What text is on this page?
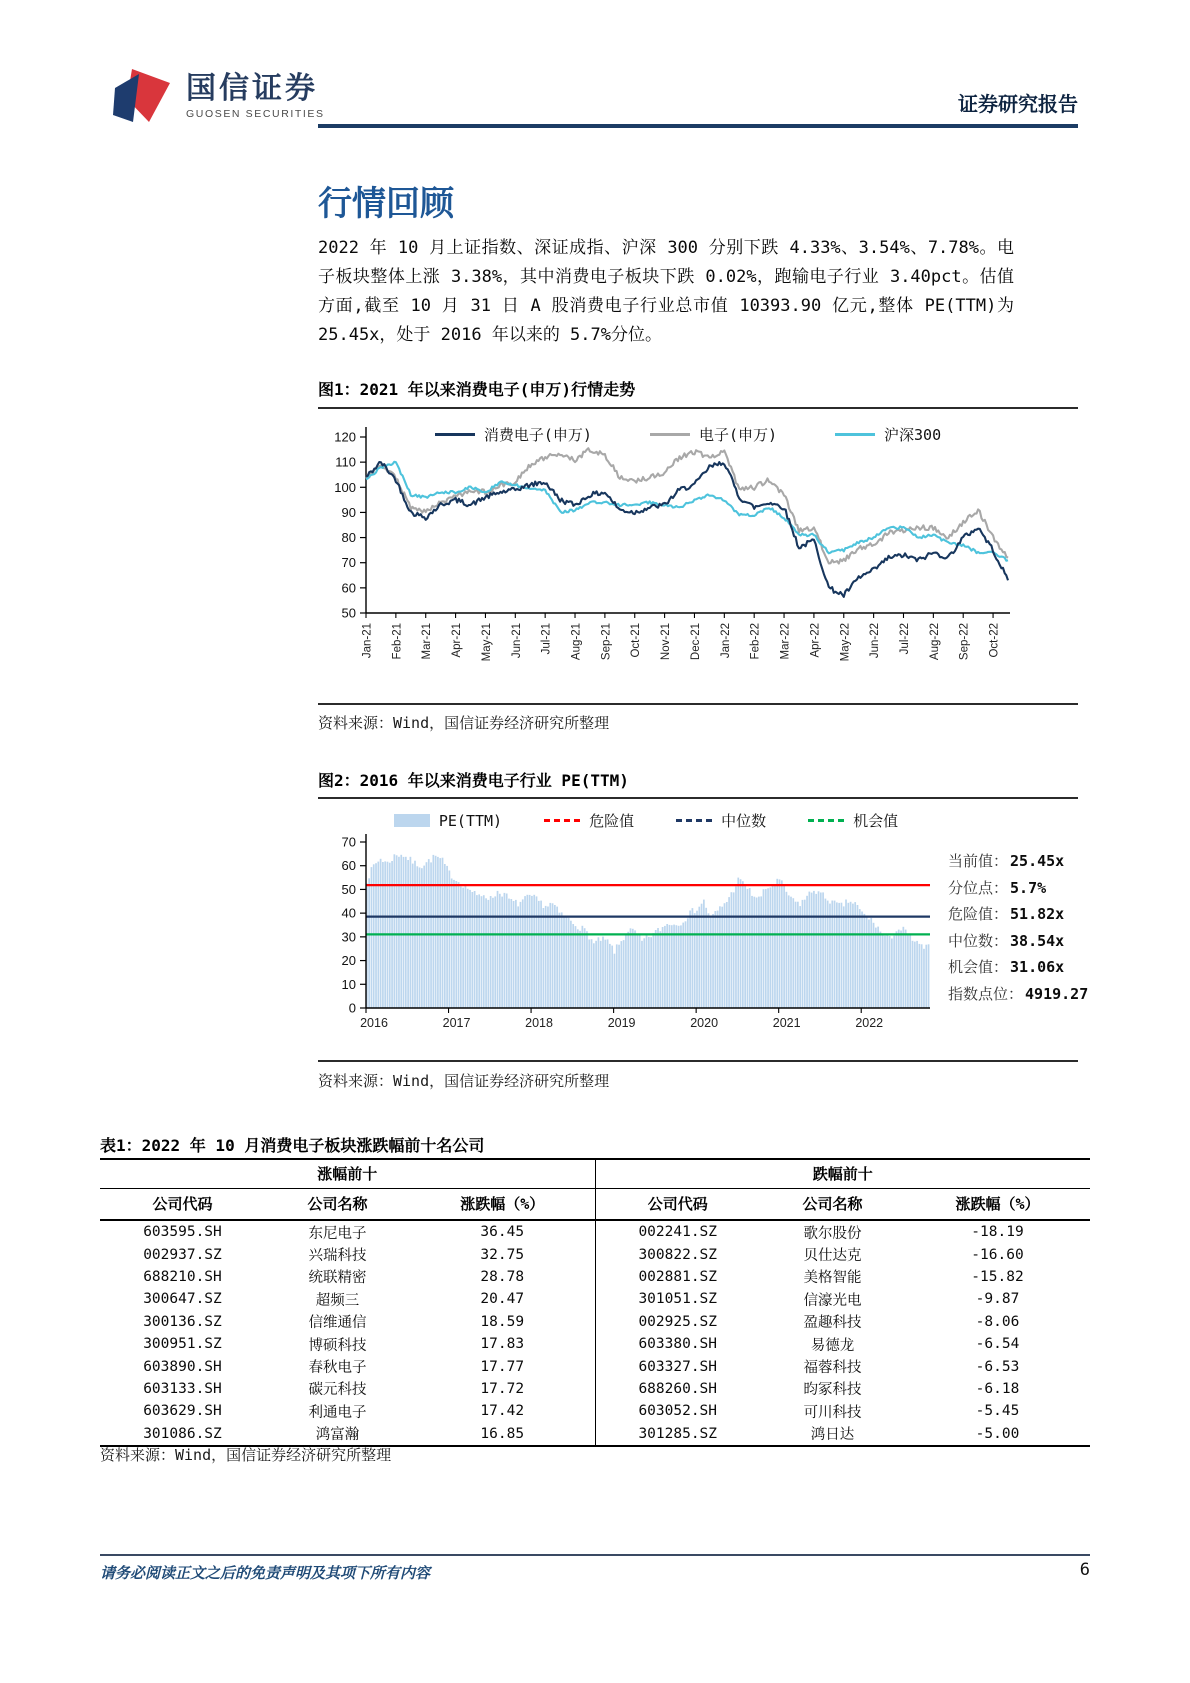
国信证券
GUOSEN SECURITIES	证券研究报告
行情回顾
2022 年 10 月上证指数、深证成指、沪深 300 分别下跌 4.33%、3.54%、7.78%。电子板块整体上涨 3.38%，其中消费电子板块下跌 0.02%，跑输电子行业 3.40pct。估值方面,截至 10 月 31 日 A 股消费电子行业总市值 10393.90 亿元,整体 PE(TTM)为 25.45x，处于 2016 年以来的 5.7%分位。
图1：2021 年以来消费电子(申万)行情走势
消费电子(申万)	电子(申万)	沪深300
50
60
70
80
90
100
110
120
Jan-21 Feb-21 Mar-21 Apr-21 May-21 Jun-21 Jul-21 Aug-21 Sep-21 Oct-21 Nov-21 Dec-21 Jan-22 Feb-22 Mar-22 Apr-22 May-22 Jun-22 Jul-22 Aug-22 Sep-22 Oct-22
资料来源：Wind，国信证券经济研究所整理
图2：2016 年以来消费电子行业 PE(TTM)
PE(TTM)	危险值	中位数	机会值
0
10
20
30
40
50
60
70
2016	2017	2018	2019	2020	2021	2022
当前值： 25.45x
分位点： 5.7%
危险值： 51.82x
中位数： 38.54x
机会值： 31.06x
指数点位： 4919.27
资料来源：Wind，国信证券经济研究所整理
表1：2022 年 10 月消费电子板块涨跌幅前十名公司
涨幅前十			跌幅前十		
公司代码	公司名称	涨跌幅（%）	公司代码	公司名称	涨跌幅（%）
603595.SH	东尼电子	36.45	002241.SZ	歌尔股份	-18.19
002937.SZ	兴瑞科技	32.75	300822.SZ	贝仕达克	-16.60
688210.SH	统联精密	28.78	002881.SZ	美格智能	-15.82
300647.SZ	超频三	20.47	301051.SZ	信濠光电	-9.87
300136.SZ	信维通信	18.59	002925.SZ	盈趣科技	-8.06
300951.SZ	博硕科技	17.83	603380.SH	易德龙	-6.54
603890.SH	春秋电子	17.77	603327.SH	福蓉科技	-6.53
603133.SH	碳元科技	17.72	688260.SH	昀冢科技	-6.18
603629.SH	利通电子	17.42	603052.SH	可川科技	-5.45
301086.SZ	鸿富瀚	16.85	301285.SZ	鸿日达	-5.00
资料来源：Wind，国信证券经济研究所整理
请务必阅读正文之后的免责声明及其项下所有内容	6
